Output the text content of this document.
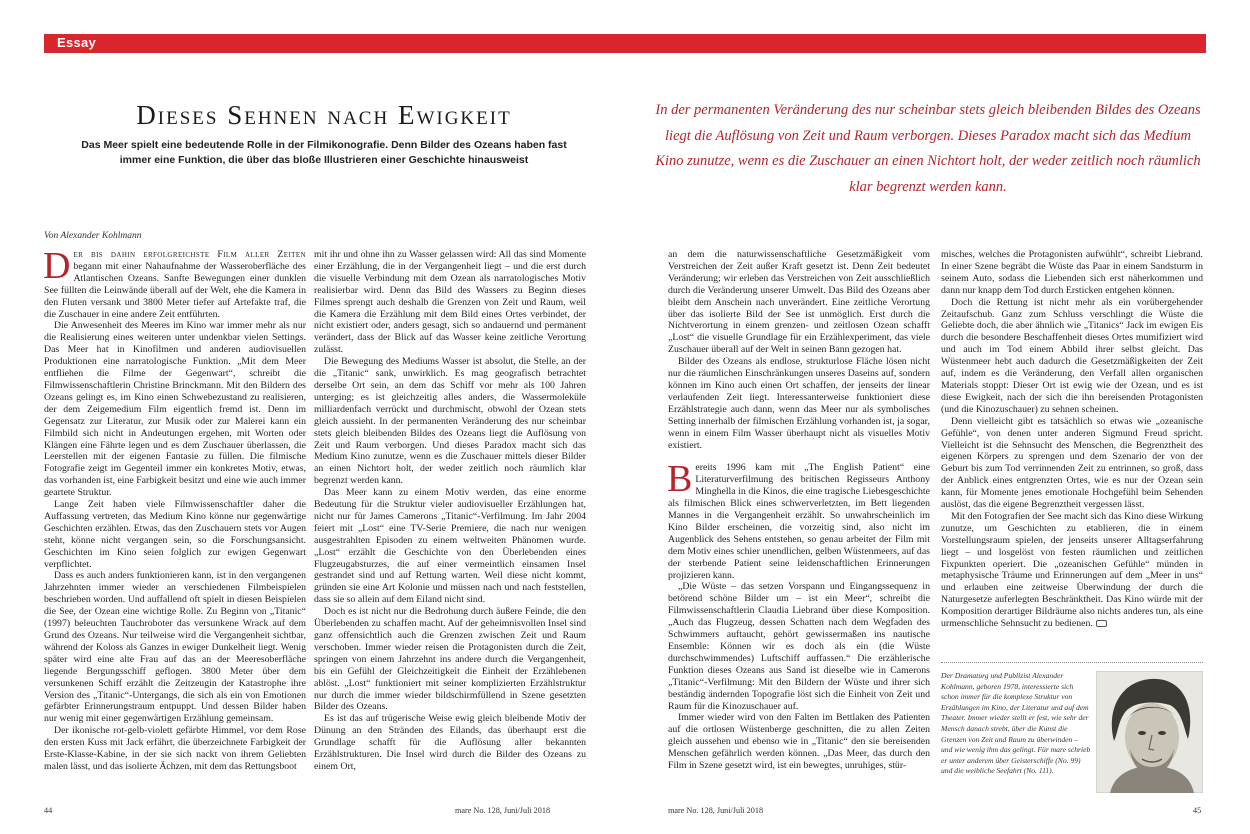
Essay
Dieses Sehnen nach Ewigkeit
Das Meer spielt eine bedeutende Rolle in der Filmikonografie. Denn Bilder des Ozeans haben fast immer eine Funktion, die über das bloße Illustrieren einer Geschichte hinausweist
In der permanenten Veränderung des nur scheinbar stets gleich bleibenden Bildes des Ozeans liegt die Auflösung von Zeit und Raum verborgen. Dieses Paradox macht sich das Medium Kino zunutze, wenn es die Zuschauer an einen Nichtort holt, der weder zeitlich noch räumlich klar begrenzt werden kann.
Von Alexander Kohlmann

Der bis dahin erfolgreichste Film aller Zeiten begann mit einer Nahaufnahme der Wasseroberfläche des Atlantischen Ozeans. Sanfte Bewegungen einer dunklen See füllten die Leinwände überall auf der Welt, ehe die Kamera in den Fluten versank und 3800 Meter tiefer auf Artefakte traf, die die Zuschauer in eine andere Zeit entführten.

Die Anwesenheit des Meeres im Kino war immer mehr als nur die Realisierung eines weiteren unter undenkbar vielen Settings. Das Meer hat in Kinofilmen und anderen audiovisuellen Produktionen eine narratologische Funktion. „Mit dem Meer entfliehen die Filme der Gegenwart“, schreibt die Filmwissenschaftlerin Christine Brinckmann. Mit den Bildern des Ozeans gelingt es, im Kino einen Schwebezustand zu realisieren, der dem Zeigemedium Film eigentlich fremd ist. Denn im Gegensatz zur Literatur, zur Musik oder zur Malerei kann ein Filmbild sich nicht in Andeutungen ergehen, mit Worten oder Klängen eine Fährte legen und es dem Zuschauer überlassen, die Leerstellen mit der eigenen Fantasie zu füllen. Die filmische Fotografie zeigt im Gegenteil immer ein konkretes Motiv, etwas, das vorhanden ist, eine Farbigkeit besitzt und eine wie auch immer geartete Struktur.

Lange Zeit haben viele Filmwissenschaftler daher die Auffassung vertreten, das Medium Kino könne nur gegenwärtige Geschichten erzählen. Etwas, das den Zuschauern stets vor Augen steht, könne nicht vergangen sein, so die Forschungsansicht. Geschichten im Kino seien folglich zur ewigen Gegenwart verpflichtet.

Dass es auch anders funktionieren kann, ist in den vergangenen Jahrzehnten immer wieder an verschiedenen Filmbeispielen beschrieben worden. Und auffallend oft spielt in diesen Beispielen die See, der Ozean eine wichtige Rolle. Zu Beginn von „Titanic“ (1997) beleuchten Tauchroboter das versunkene Wrack auf dem Grund des Ozeans. Nur teilweise wird die Vergangenheit sichtbar, während der Koloss als Ganzes in ewiger Dunkelheit liegt. Wenig später wird eine alte Frau auf das an der Meeresoberfläche liegende Bergungsschiff geflogen. 3800 Meter über dem versunkenen Schiff erzählt die Zeitzeugin der Katastrophe ihre Version des „Titanic“-Untergangs, die sich als ein von Emotionen gefärbter Erinnerungstraum entpuppt. Und dessen Bilder haben nur wenig mit einer gegenwärtigen Erzählung gemeinsam.

Der ikonische rot-gelb-violett gefärbte Himmel, vor dem Rose den ersten Kuss mit Jack erfährt, die überzeichnete Farbigkeit der Erste-Klasse-Kabine, in der sie sich nackt von ihrem Geliebten malen lässt, und das isolierte Ächzen, mit dem das Rettungsboot

mit ihr und ohne ihn zu Wasser gelassen wird: All das sind Momente einer Erzählung, die in der Vergangenheit liegt – und die erst durch die visuelle Verbindung mit dem Ozean als narratologisches Motiv realisierbar wird. Denn das Bild des Wassers zu Beginn dieses Filmes sprengt auch deshalb die Grenzen von Zeit und Raum, weil die Kamera die Erzählung mit dem Bild eines Ortes verbindet, der nicht existiert oder, anders gesagt, sich so andauernd und permanent verändert, dass der Blick auf das Wasser keine zeitliche Verortung zulässt.

Die Bewegung des Mediums Wasser ist absolut, die Stelle, an der die „Titanic“ sank, unwirklich. Es mag geografisch betrachtet derselbe Ort sein, an dem das Schiff vor mehr als 100 Jahren unterging; es ist gleichzeitig alles anders, die Wassermoleküle milliardenfach verrückt und durchmischt, obwohl der Ozean stets gleich aussieht. In der permanenten Veränderung des nur scheinbar stets gleich bleibenden Bildes des Ozeans liegt die Auflösung von Zeit und Raum verborgen. Und dieses Paradox macht sich das Medium Kino zunutze, wenn es die Zuschauer mittels dieser Bilder an einen Nichtort holt, der weder zeitlich noch räumlich klar begrenzt werden kann.

Das Meer kann zu einem Motiv werden, das eine enorme Bedeutung für die Struktur vieler audiovisueller Erzählungen hat, nicht nur für James Camerons „Titanic“-Verfilmung. Im Jahr 2004 feiert mit „Lost“ eine TV-Serie Premiere, die nach nur wenigen ausgestrahlten Episoden zu einem weltweiten Phänomen wurde. „Lost“ erzählt die Geschichte von den Überlebenden eines Flugzeugabsturzes, die auf einer vermeintlich einsamen Insel gestrandet sind und auf Rettung warten. Weil diese nicht kommt, gründen sie eine Art Kolonie und müssen nach und nach feststellen, dass sie so allein auf dem Eiland nicht sind.

Doch es ist nicht nur die Bedrohung durch äußere Feinde, die den Überlebenden zu schaffen macht. Auf der geheimnisvollen Insel sind ganz offensichtlich auch die Grenzen zwischen Zeit und Raum verschoben. Immer wieder reisen die Protagonisten durch die Zeit, springen von einem Jahrzehnt ins andere durch die Vergangenheit, bis ein Gefühl der Gleichzeitigkeit die Einheit der Erzählebenen ablöst. „Lost“ funktioniert mit seiner komplizierten Erzählstruktur nur durch die immer wieder bildschirmfüllend in Szene gesetzten Bilder des Ozeans.

Es ist das auf trügerische Weise ewig gleich bleibende Motiv der Dünung an den Stränden des Eilands, das überhaupt erst die Grundlage schafft für die Auflösung aller bekannten Erzählstrukturen. Die Insel wird durch die Bilder des Ozeans zu einem Ort,

an dem die naturwissenschaftliche Gesetzmäßigkeit vom Verstreichen der Zeit außer Kraft gesetzt ist. Denn Zeit bedeutet Veränderung; wir erleben das Verstreichen von Zeit ausschließlich durch die Veränderung unserer Umwelt. Das Bild des Ozeans aber bleibt dem Anschein nach unverändert. Eine zeitliche Verortung über das isolierte Bild der See ist unmöglich. Erst durch die Nichtverortung in einem grenzen- und zeitlosen Ozean schafft „Lost“ die visuelle Grundlage für ein Erzählexperiment, das viele Zuschauer überall auf der Welt in seinen Bann gezogen hat.

Bilder des Ozeans als endlose, strukturlose Fläche lösen nicht nur die räumlichen Einschränkungen unseres Daseins auf, sondern können im Kino auch einen Ort schaffen, der jenseits der linear verlaufenden Zeit liegt. Interessanterweise funktioniert diese Erzählstrategie auch dann, wenn das Meer nur als symbolisches Setting innerhalb der filmischen Erzählung vorhanden ist, ja sogar, wenn in einem Film Wasser überhaupt nicht als visuelles Motiv existiert.

Bereits 1996 kam mit „The English Patient“ eine Literaturverfilmung des britischen Regisseurs Anthony Minghella in die Kinos, die eine tragische Liebesgeschichte als filmischen Blick eines schwerverletzten, im Bett liegenden Mannes in die Vergangenheit erzählt. So unwahrscheinlich im Kino Bilder erscheinen, die vorzeitig sind, also nicht im Augenblick des Sehens entstehen, so genau arbeitet der Film mit dem Motiv eines schier unendlichen, gelben Wüstenmeers, auf das der sterbende Patient seine leidenschaftlichen Erinnerungen projizieren kann.

„Die Wüste – das setzen Vorspann und Eingangssequenz in betörend schöne Bilder um – ist ein Meer“, schreibt die Filmwissenschaftlerin Claudia Liebrand über diese Komposition. „Auch das Flugzeug, dessen Schatten nach dem Wegfaden des Schwimmers auftaucht, gehört gewissermaßen ins nautische Ensemble: Können wir es doch als ein (die Wüste durchschwimmendes) Luftschiff auffassen.“ Die erzählerische Funktion dieses Ozeans aus Sand ist dieselbe wie in Camerons „Titanic“-Verfilmung: Mit den Bildern der Wüste und ihrer sich beständig ändernden Topografie löst sich die Einheit von Zeit und Raum für die Kinozuschauer auf.

Immer wieder wird von den Falten im Bettlaken des Patienten auf die ortlosen Wüstenberge geschnitten, die zu allen Zeiten gleich aussehen und ebenso wie in „Titanic“ den sie bereisenden Menschen gefährlich werden können. „Das Meer, das durch den Film in Szene gesetzt wird, ist ein bewegtes, unruhiges, stür-

misches, welches die Protagonisten aufwühlt“, schreibt Liebrand. In einer Szene begräbt die Wüste das Paar in einem Sandsturm in seinem Auto, sodass die Liebenden sich erst näherkommen und dann nur knapp dem Tod durch Ersticken entgehen können.

Doch die Rettung ist nicht mehr als ein vorübergehender Zeitaufschub. Ganz zum Schluss verschlingt die Wüste die Geliebte doch, die aber ähnlich wie „Titanics“ Jack im ewigen Eis durch die besondere Beschaffenheit dieses Ortes mumifiziert wird und auch im Tod einem Abbild ihrer selbst gleicht. Das Wüstenmeer hebt auch dadurch die Gesetzmäßigkeiten der Zeit auf, indem es die Veränderung, den Verfall allen organischen Materials stoppt: Dieser Ort ist ewig wie der Ozean, und es ist diese Ewigkeit, nach der sich die ihn bereisenden Protagonisten (und die Kinozuschauer) zu sehnen scheinen.

Denn vielleicht gibt es tatsächlich so etwas wie „ozeanische Gefühle“, von denen unter anderen Sigmund Freud spricht. Vielleicht ist die Sehnsucht des Menschen, die Begrenztheit des eigenen Körpers zu sprengen und dem Szenario der von der Geburt bis zum Tod verrinnenden Zeit zu entrinnen, so groß, dass der Anblick eines entgrenzten Ortes, wie es nur der Ozean sein kann, für Momente jenes emotionale Hochgefühl beim Sehenden auslöst, das die eigene Begrenztheit vergessen lässt.

Mit den Fotografien der See macht sich das Kino diese Wirkung zunutze, um Geschichten zu etablieren, die in einem Vorstellungsraum spielen, der jenseits unserer Alltagserfahrung liegt – und losgelöst von festen räumlichen und zeitlichen Fixpunkten operiert. Die „ozeanischen Gefühle“ münden in metaphysische Träume und Erinnerungen auf dem „Meer in uns“ und erlauben eine zeitweise Überwindung der durch die Naturgesetze auferlegten Beschränktheit. Das Kino würde mit der Komposition derartiger Bildräume also nichts anderes tun, als eine urmenschliche Sehnsucht zu bedienen.

Der Dramaturg und Publizist Alexander Kohlmann, geboren 1978, interessierte sich schon immer für die komplexe Struktur von Erzählungen im Kino, der Literatur und auf dem Theater. Immer wieder stellt er fest, wie sehr der Mensch danach strebt, über die Kunst die Grenzen von Zeit und Raum zu überwinden – und wie wenig ihm das gelingt. Für mare schrieb er unter anderem über Geisterschiffe (No. 99) und die weibliche Seefahrt (No. 111).
44	mare No. 128, Juni/Juli 2018	mare No. 128, Juni/Juli 2018	45
